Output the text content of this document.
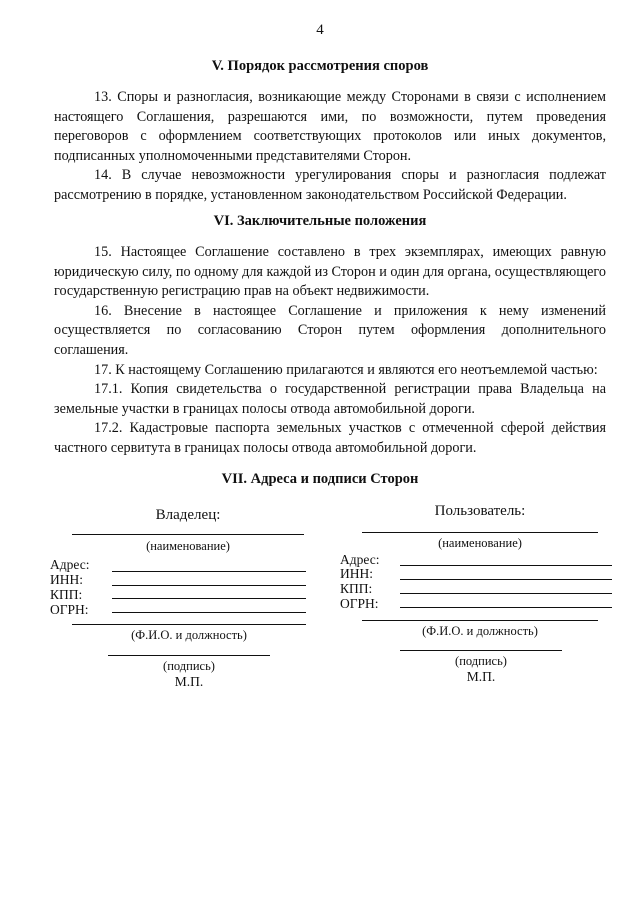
4
V. Порядок рассмотрения споров

13. Споры и разногласия, возникающие между Сторонами в связи с исполнением настоящего Соглашения, разрешаются ими, по возможности, путем проведения переговоров с оформлением соответствующих протоколов или иных документов, подписанных уполномоченными представителями Сторон.

14. В случае невозможности урегулирования споры и разногласия подлежат рассмотрению в порядке, установленном законодательством Российской Федерации.

VI. Заключительные положения

15. Настоящее Соглашение составлено в трех экземплярах, имеющих равную юридическую силу, по одному для каждой из Сторон и один для органа, осуществляющего государственную регистрацию прав на объект недвижимости.

16. Внесение в настоящее Соглашение и приложения к нему изменений осуществляется по согласованию Сторон путем оформления дополнительного соглашения.

17. К настоящему Соглашению прилагаются и являются его неотъемлемой частью:

17.1. Копия свидетельства о государственной регистрации права Владельца на земельные участки в границах полосы отвода автомобильной дороги.

17.2. Кадастровые паспорта земельных участков с отмеченной сферой действия частного сервитута в границах полосы отвода автомобильной дороги.

VII. Адреса и подписи Сторон
Владелец:
(наименование)
Адрес:
ИНН:
КПП:
ОГРН:
(Ф.И.О. и должность)
(подпись)
М.П.
Пользователь:
(наименование)
Адрес:
ИНН:
КПП:
ОГРН:
(Ф.И.О. и должность)
(подпись)
М.П.
